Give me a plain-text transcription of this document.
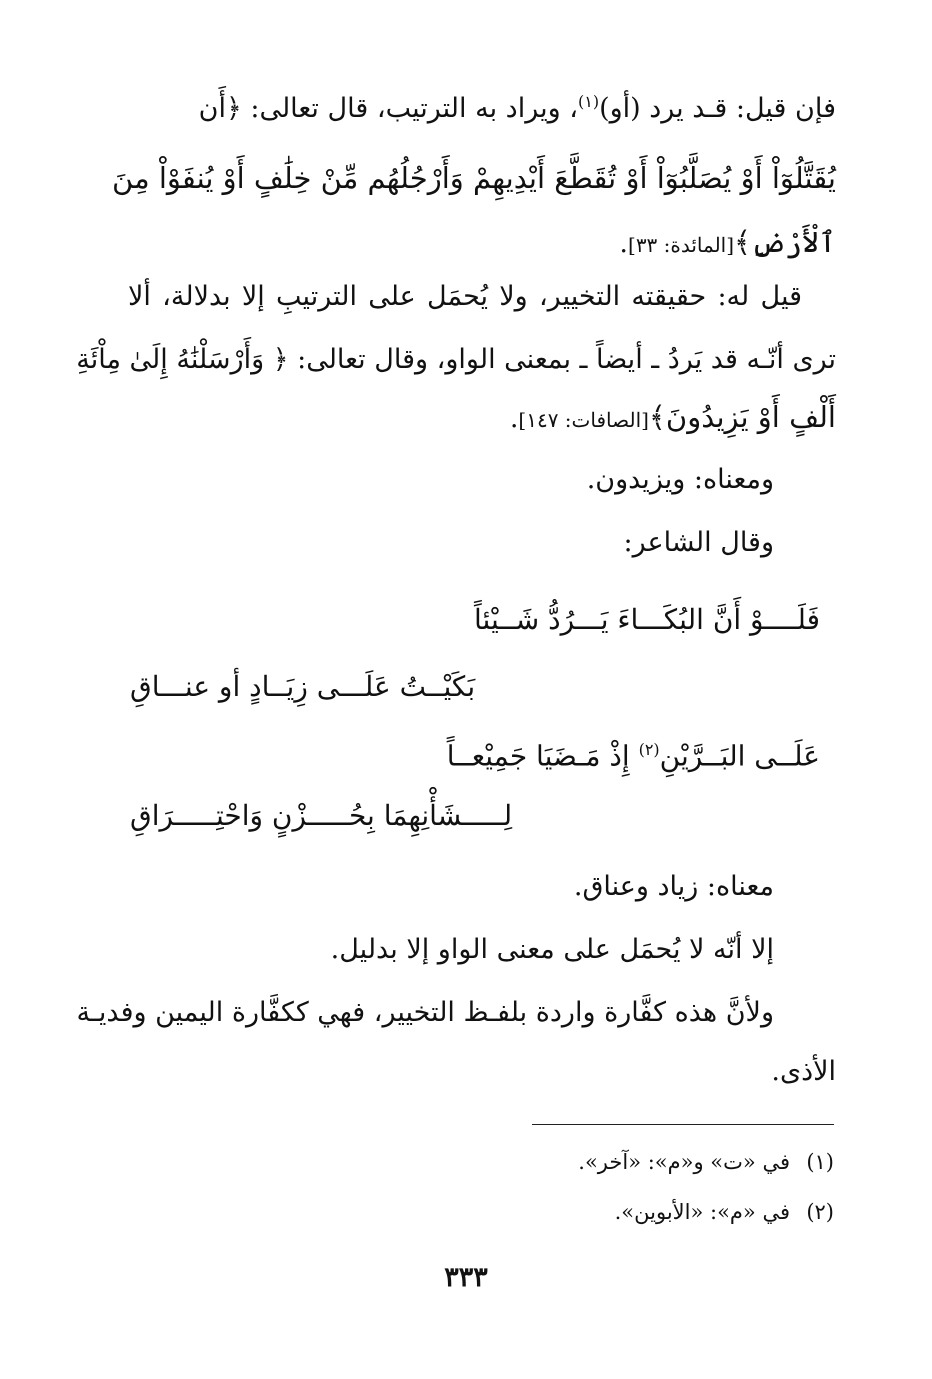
فإن قيل: قـد يرد (أو)$^{(١)}$، ويراد به الترتيب، قال تعالى: ﴿أَن
يُقَتَّلُوٓاْ أَوْ يُصَلَّبُوٓاْ أَوْ تُقَطَّعَ أَيْدِيهِمْ وَأَرْجُلُهُم مِّنْ خِلَٰفٍ أَوْ يُنفَوْاْ مِنَ
ٱلْأَرْضِ﴾[المائدة: ٣٣].
قيل له: حقيقته التخيير، ولا يُحمَل على الترتيبِ إلا بدلالة، ألا
ترى أنّـه قد يَردُ ـ أيضاً ـ بمعنى الواو، وقال تعالى: ﴿ وَأَرْسَلْنَٰهُ إِلَىٰ مِاْئَةِ
أَلْفٍ أَوْ يَزِيدُونَ﴾[الصافات: ١٤٧].
ومعناه: ويزيدون.
وقال الشاعر:
فَلَــــوْ أَنَّ البُكَـــاءَ يَـــرُدُّ شَــيْئاً
بَكَيْــتُ عَلَـــى زِيَــادٍ أو عنـــاقِ
عَلَــى البَــرَّيْنِ$^{(٢)}$ إِذْ مَـضَيَا جَمِيْعــاً
لِـــــشَأْنِهِمَا بِحُـــــزْنٍ وَاحْتِـــــرَاقِ
معناه: زياد وعناق.
إلا أنّه لا يُحمَل على معنى الواو إلا بدليل.
ولأنَّ هذه كفَّارة واردة بلفـظ التخيير، فهي ككفَّارة اليمين وفديـة
الأذى.
(١)في «ت» و«م»: «آخر».
(٢)في «م»: «الأبوين».
٣٣٣
